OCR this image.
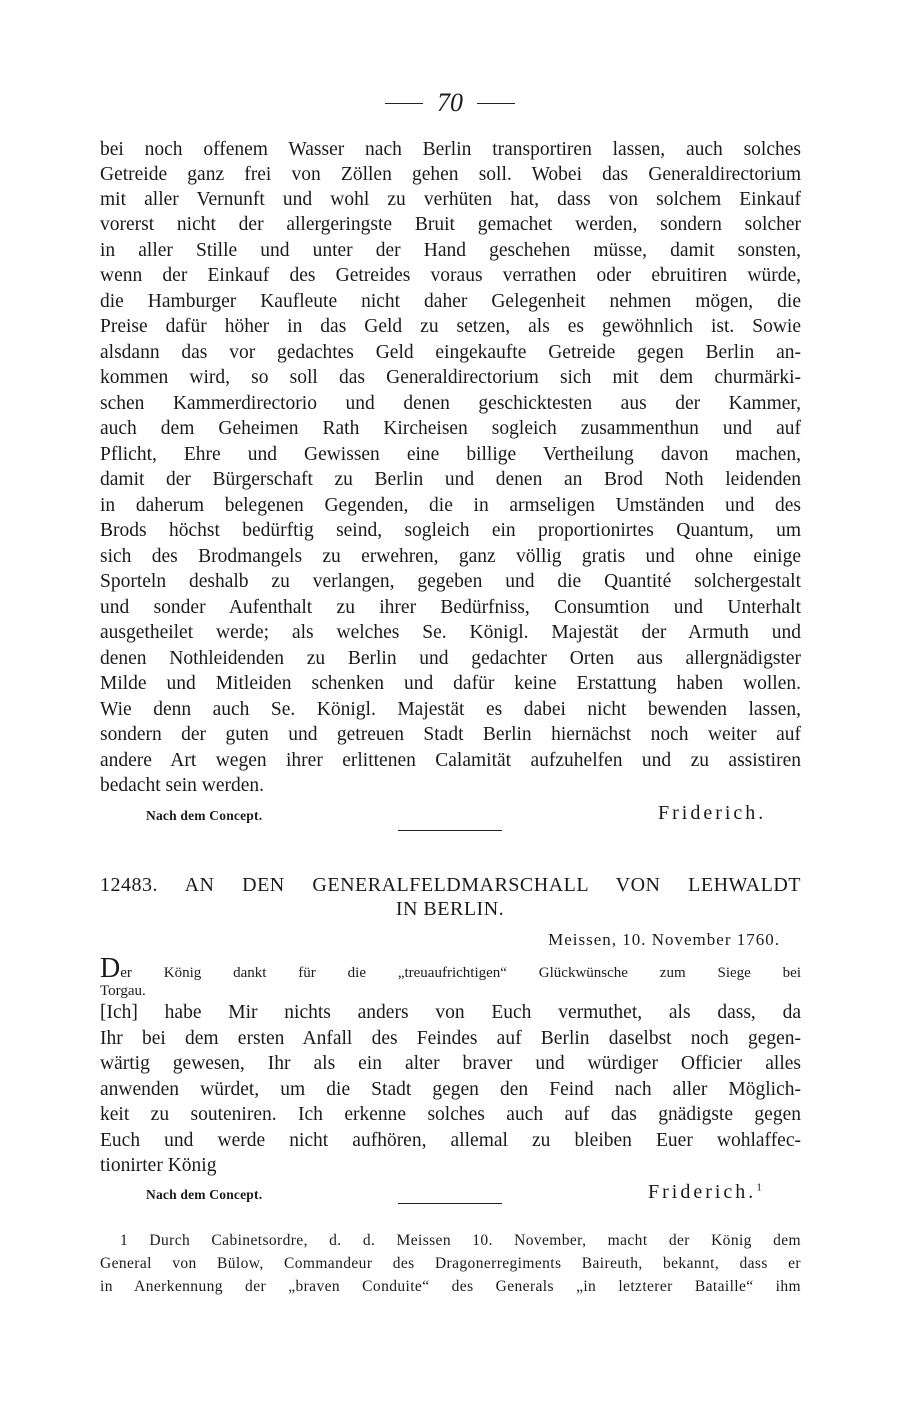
70
bei noch offenem Wasser nach Berlin transportiren lassen, auch solches
Getreide ganz frei von Zöllen gehen soll. Wobei das Generaldirectorium
mit aller Vernunft und wohl zu verhüten hat, dass von solchem Einkauf
vorerst nicht der allergeringste Bruit gemachet werden, sondern solcher
in aller Stille und unter der Hand geschehen müsse, damit sonsten,
wenn der Einkauf des Getreides voraus verrathen oder ebruitiren würde,
die Hamburger Kaufleute nicht daher Gelegenheit nehmen mögen, die
Preise dafür höher in das Geld zu setzen, als es gewöhnlich ist. Sowie
alsdann das vor gedachtes Geld eingekaufte Getreide gegen Berlin an-
kommen wird, so soll das Generaldirectorium sich mit dem churmärki-
schen Kammerdirectorio und denen geschicktesten aus der Kammer,
auch dem Geheimen Rath Kircheisen sogleich zusammenthun und auf
Pflicht, Ehre und Gewissen eine billige Vertheilung davon machen,
damit der Bürgerschaft zu Berlin und denen an Brod Noth leidenden
in daherum belegenen Gegenden, die in armseligen Umständen und des
Brods höchst bedürftig seind, sogleich ein proportionirtes Quantum, um
sich des Brodmangels zu erwehren, ganz völlig gratis und ohne einige
Sporteln deshalb zu verlangen, gegeben und die Quantité solchergestalt
und sonder Aufenthalt zu ihrer Bedürfniss, Consumtion und Unterhalt
ausgetheilet werde; als welches Se. Königl. Majestät der Armuth und
denen Nothleidenden zu Berlin und gedachter Orten aus allergnädigster
Milde und Mitleiden schenken und dafür keine Erstattung haben wollen.
Wie denn auch Se. Königl. Majestät es dabei nicht bewenden lassen,
sondern der guten und getreuen Stadt Berlin hiernächst noch weiter auf
andere Art wegen ihrer erlittenen Calamität aufzuhelfen und zu assistiren
bedacht sein werden.
Nach dem Concept.	Friderich.
12483. AN DEN GENERALFELDMARSCHALL VON LEHWALDT
IN BERLIN.
Meissen, 10. November 1760.
Der König dankt für die „treuaufrichtigen“ Glückwünsche zum Siege bei
Torgau.
[Ich] habe Mir nichts anders von Euch vermuthet, als dass, da
Ihr bei dem ersten Anfall des Feindes auf Berlin daselbst noch gegen-
wärtig gewesen, Ihr als ein alter braver und würdiger Officier alles
anwenden würdet, um die Stadt gegen den Feind nach aller Möglich-
keit zu souteniren. Ich erkenne solches auch auf das gnädigste gegen
Euch und werde nicht aufhören, allemal zu bleiben Euer wohlaffec-
tionirter König
Nach dem Concept.	Friderich.$^1$
1 Durch Cabinetsordre, d. d. Meissen 10. November, macht der König dem
General von Bülow, Commandeur des Dragonerregiments Baireuth, bekannt, dass er
in Anerkennung der „braven Conduite“ des Generals „in letzterer Bataille“ ihm
